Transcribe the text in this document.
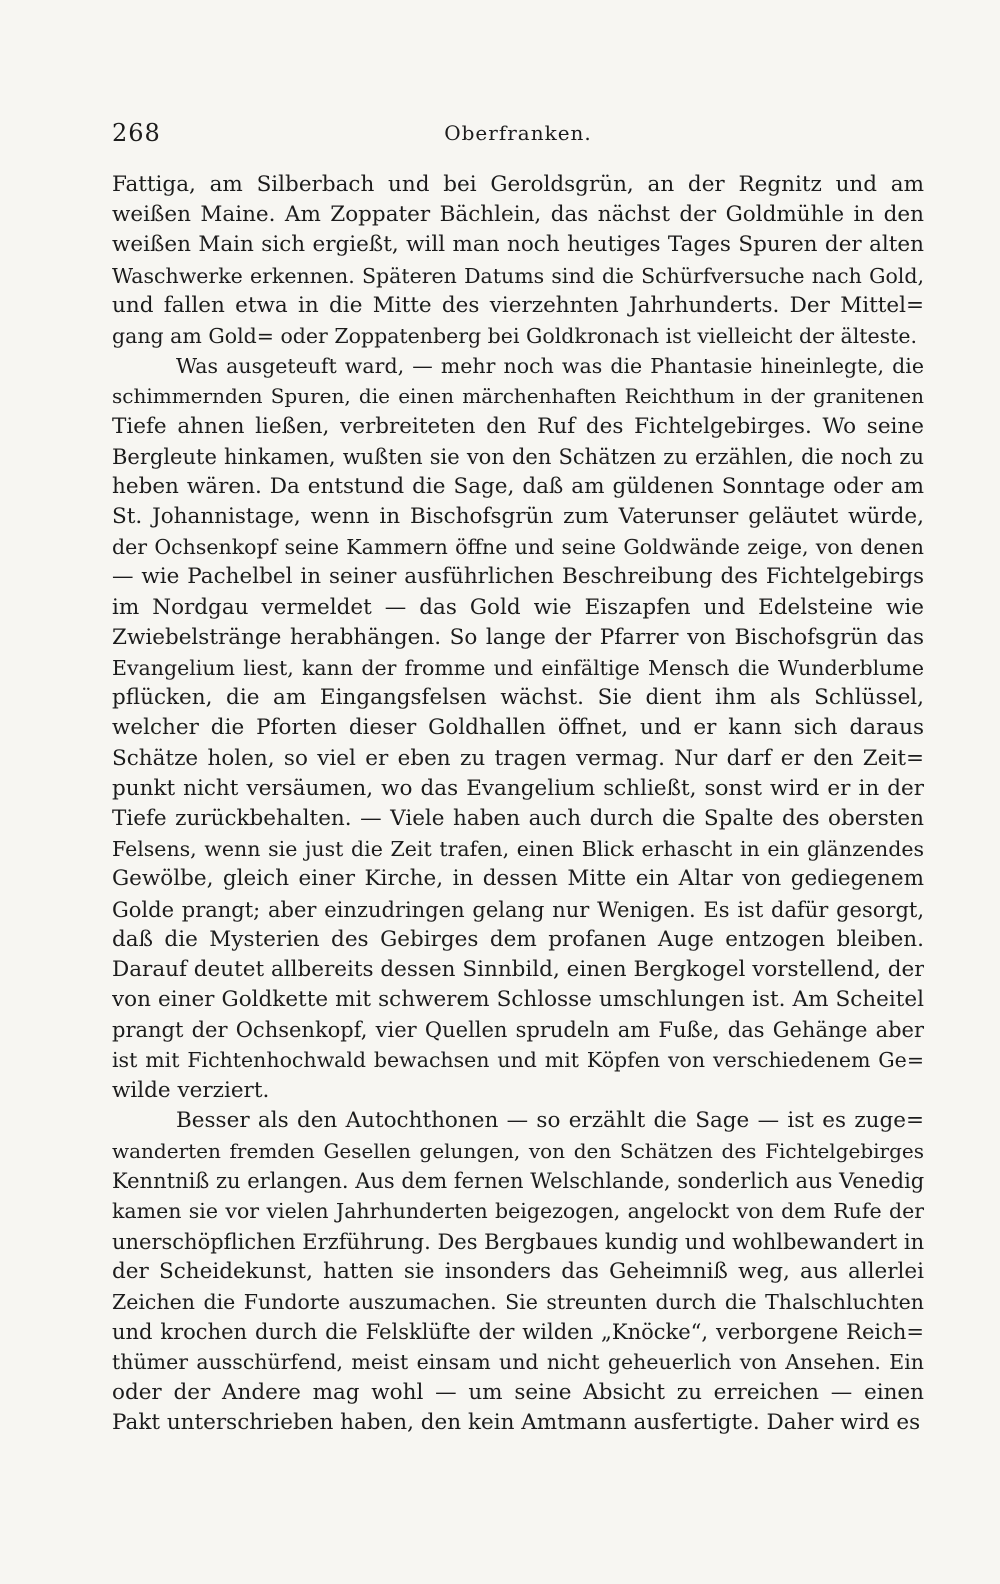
268	Oberfranken.
Fattiga, am Silberbach und bei Geroldsgrün, an der Regnitz und am
weißen Maine. Am Zoppater Bächlein, das nächst der Goldmühle in den
weißen Main sich ergießt, will man noch heutiges Tages Spuren der alten
Waschwerke erkennen. Späteren Datums sind die Schürfversuche nach Gold,
und fallen etwa in die Mitte des vierzehnten Jahrhunderts. Der Mittel=
gang am Gold= oder Zoppatenberg bei Goldkronach ist vielleicht der älteste.
Was ausgeteuft ward, — mehr noch was die Phantasie hineinlegte, die
schimmernden Spuren, die einen märchenhaften Reichthum in der granitenen
Tiefe ahnen ließen, verbreiteten den Ruf des Fichtelgebirges. Wo seine
Bergleute hinkamen, wußten sie von den Schätzen zu erzählen, die noch zu
heben wären. Da entstund die Sage, daß am güldenen Sonntage oder am
St. Johannistage, wenn in Bischofsgrün zum Vaterunser geläutet würde,
der Ochsenkopf seine Kammern öffne und seine Goldwände zeige, von denen
— wie Pachelbel in seiner ausführlichen Beschreibung des Fichtelgebirgs
im Nordgau vermeldet — das Gold wie Eiszapfen und Edelsteine wie
Zwiebelstränge herabhängen. So lange der Pfarrer von Bischofsgrün das
Evangelium liest, kann der fromme und einfältige Mensch die Wunderblume
pflücken, die am Eingangsfelsen wächst. Sie dient ihm als Schlüssel,
welcher die Pforten dieser Goldhallen öffnet, und er kann sich daraus
Schätze holen, so viel er eben zu tragen vermag. Nur darf er den Zeit=
punkt nicht versäumen, wo das Evangelium schließt, sonst wird er in der
Tiefe zurückbehalten. — Viele haben auch durch die Spalte des obersten
Felsens, wenn sie just die Zeit trafen, einen Blick erhascht in ein glänzendes
Gewölbe, gleich einer Kirche, in dessen Mitte ein Altar von gediegenem
Golde prangt; aber einzudringen gelang nur Wenigen. Es ist dafür gesorgt,
daß die Mysterien des Gebirges dem profanen Auge entzogen bleiben.
Darauf deutet allbereits dessen Sinnbild, einen Bergkogel vorstellend, der
von einer Goldkette mit schwerem Schlosse umschlungen ist. Am Scheitel
prangt der Ochsenkopf, vier Quellen sprudeln am Fuße, das Gehänge aber
ist mit Fichtenhochwald bewachsen und mit Köpfen von verschiedenem Ge=
wilde verziert.
Besser als den Autochthonen — so erzählt die Sage — ist es zuge=
wanderten fremden Gesellen gelungen, von den Schätzen des Fichtelgebirges
Kenntniß zu erlangen. Aus dem fernen Welschlande, sonderlich aus Venedig
kamen sie vor vielen Jahrhunderten beigezogen, angelockt von dem Rufe der
unerschöpflichen Erzführung. Des Bergbaues kundig und wohlbewandert in
der Scheidekunst, hatten sie insonders das Geheimniß weg, aus allerlei
Zeichen die Fundorte auszumachen. Sie streunten durch die Thalschluchten
und krochen durch die Felsklüfte der wilden „Knöcke“, verborgene Reich=
thümer ausschürfend, meist einsam und nicht geheuerlich von Ansehen. Ein
oder der Andere mag wohl — um seine Absicht zu erreichen — einen
Pakt unterschrieben haben, den kein Amtmann ausfertigte. Daher wird es
